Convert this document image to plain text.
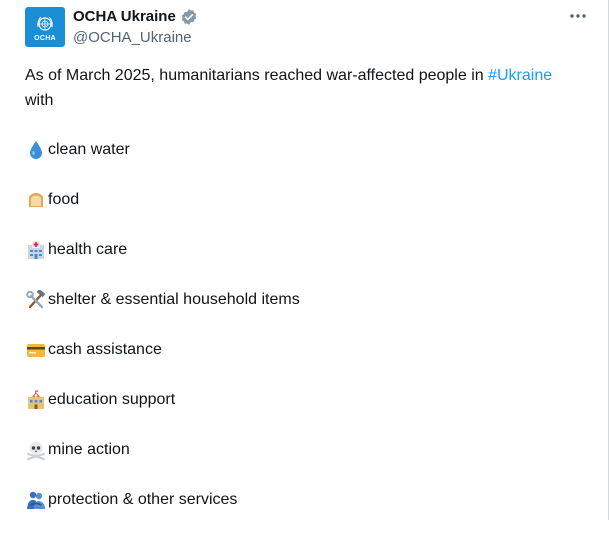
OCHA
OCHA Ukraine
@OCHA_Ukraine
As of March 2025, humanitarians reached war-affected people in #Ukraine
with
clean water
food
health care
shelter & essential household items
cash assistance
education support
mine action
protection & other services
